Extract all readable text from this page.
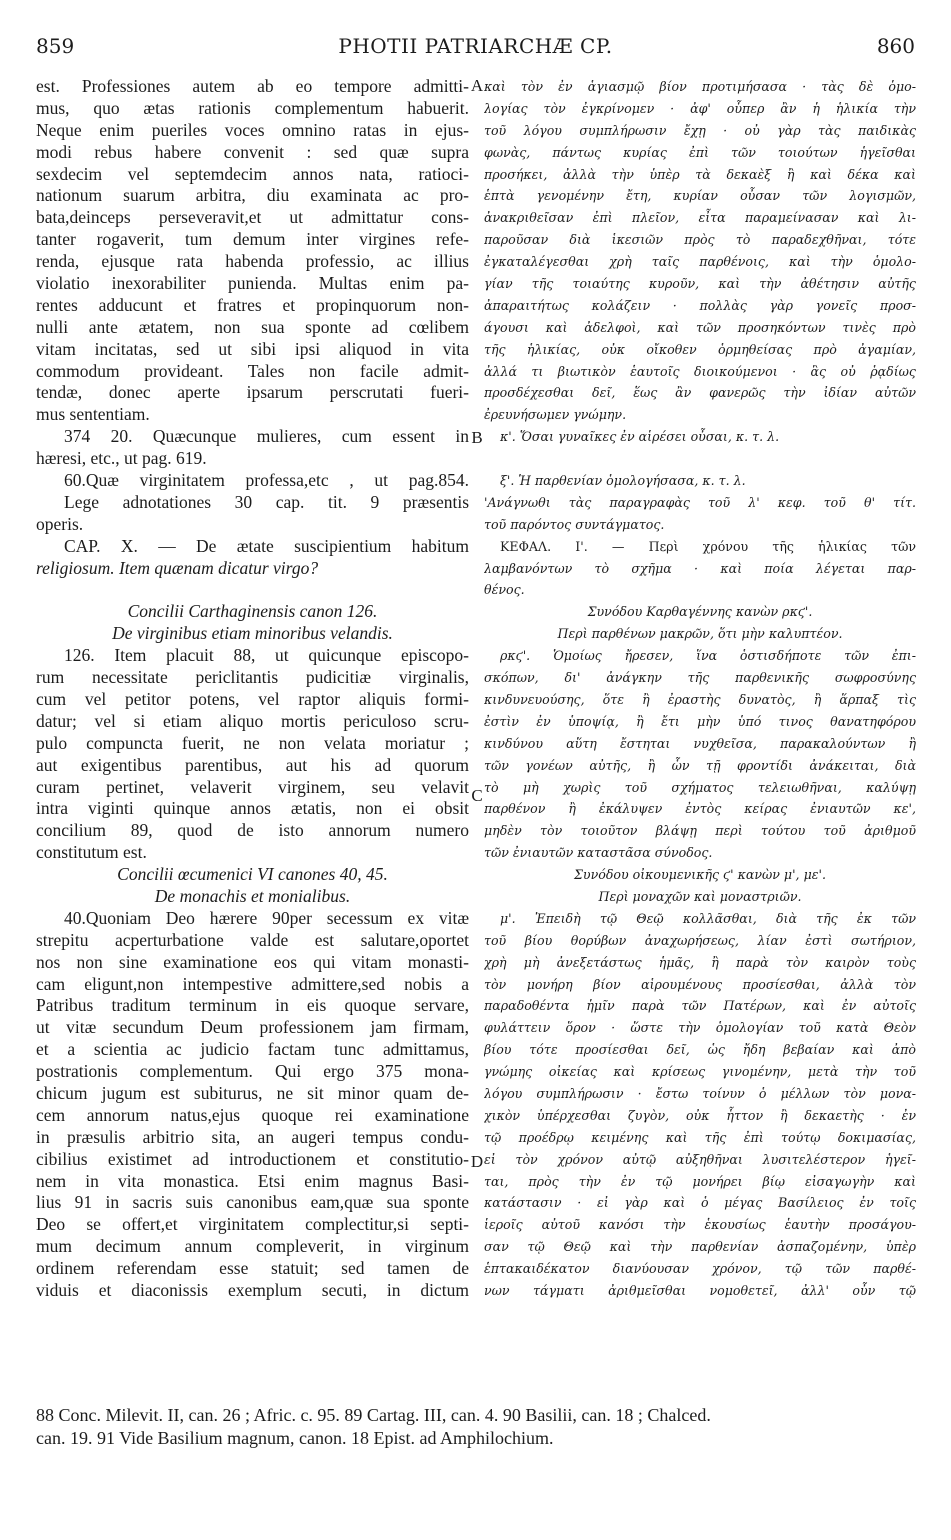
859	PHOTII PATRIARCHÆ CP.	860
A
B
C
D
est. Professiones autem ab eo tempore admitti-
mus, quo ætas rationis complementum habuerit.
Neque enim pueriles voces omnino ratas in ejus-
modi rebus habere convenit : sed quæ supra
sexdecim vel septemdecim annos nata, ratioci-
nationum suarum arbitra, diu examinata ac pro-
bata,deinceps perseveravit,et ut admittatur cons-
tanter rogaverit, tum demum inter virgines refe-
renda, ejusque rata habenda professio, ac illius
violatio inexorabiliter punienda. Multas enim pa-
rentes adducunt et fratres et propinquorum non-
nulli ante ætatem, non sua sponte ad cœlibem
vitam incitatas, sed ut sibi ipsi aliquod in vita
commodum provideant. Tales non facile admit-
tendæ, donec aperte ipsarum perscrutati fueri-
mus sententiam.
374 20. Quæcunque mulieres, cum essent in
hæresi, etc., ut pag. 619.
60.Quæ virginitatem professa,etc , ut pag.854.
Lege adnotationes 30 cap. tit. 9 præsentis
operis.
CAP. X. — De ætate suscipientium habitum
religiosum. Item quænam dicatur virgo?
Concilii Carthaginensis canon 126.
De virginibus etiam minoribus velandis.
126. Item placuit 88, ut quicunque episcopo-
rum necessitate periclitantis pudicitiæ virginalis,
cum vel petitor potens, vel raptor aliquis formi-
datur; vel si etiam aliquo mortis periculoso scru-
pulo compuncta fuerit, ne non velata moriatur ;
aut exigentibus parentibus, aut his ad quorum
curam pertinet, velaverit virginem, seu velavit
intra viginti quinque annos ætatis, non ei obsit
concilium 89, quod de isto annorum numero
constitutum est.
Concilii œcumenici VI canones 40, 45.
De monachis et monialibus.
40.Quoniam Deo hærere 90per secessum ex vitæ
strepitu acperturbatione valde est salutare,oportet
nos non sine examinatione eos qui vitam monasti-
cam eligunt,non intempestive admittere,sed nobis a
Patribus traditum terminum in eis quoque servare,
ut vitæ secundum Deum professionem jam firmam,
et a scientia ac judicio factam tunc admittamus,
postrationis complementum. Qui ergo 375 mona-
chicum jugum est subiturus, ne sit minor quam de-
cem annorum natus,ejus quoque rei examinatione
in præsulis arbitrio sita, an augeri tempus condu-
cibilius existimet ad introductionem et constitutio-
nem in vita monastica. Etsi enim magnus Basi-
lius 91 in sacris suis canonibus eam,quæ sua sponte
Deo se offert,et virginitatem complectitur,si septi-
mum decimum annum compleverit, in virginum
ordinem referendam esse statuit; sed tamen de
viduis et diaconissis exemplum secuti, in dictum
καὶ τὸν ἐν ἁγιασμῷ βίον προτιμήσασα · τὰς δὲ ὁμο-
λογίας τὸν ἐγκρίνομεν · ἀφ' οὗπερ ἂν ἡ ἡλικία τὴν
τοῦ λόγου συμπλήρωσιν ἔχῃ · οὐ γὰρ τὰς παιδικὰς
φωνὰς, πάντως κυρίας ἐπὶ τῶν τοιούτων ἡγεῖσθαι
προσήκει, ἀλλὰ τὴν ὑπὲρ τὰ δεκαὲξ ἢ καὶ δέκα καὶ
ἑπτὰ γενομένην ἔτη, κυρίαν οὖσαν τῶν λογισμῶν,
ἀνακριθεῖσαν ἐπὶ πλεῖον, εἶτα παραμείνασαν καὶ λι-
παροῦσαν διὰ ἱκεσιῶν πρὸς τὸ παραδεχθῆναι, τότε
ἐγκαταλέγεσθαι χρὴ ταῖς παρθένοις, καὶ τὴν ὁμολο-
γίαν τῆς τοιαύτης κυροῦν, καὶ τὴν ἀθέτησιν αὐτῆς
ἀπαραιτήτως κολάζειν · πολλὰς γὰρ γονεῖς προσ-
άγουσι καὶ ἀδελφοὶ, καὶ τῶν προσηκόντων τινὲς πρὸ
τῆς ἡλικίας, οὐκ οἴκοθεν ὁρμηθείσας πρὸ ἀγαμίαν,
ἀλλά τι βιωτικὸν ἑαυτοῖς διοικούμενοι · ἃς οὐ ῥᾳδίως
προσδέχεσθαι δεῖ, ἕως ἂν φανερῶς τὴν ἰδίαν αὐτῶν
ἐρευνήσωμεν γνώμην.
κ'. Ὅσαι γυναῖκες ἐν αἱρέσει οὖσαι, κ. τ. λ.
ξ'. Ἡ παρθενίαν ὁμολογήσασα, κ. τ. λ.
'Ανάγνωθι τὰς παραγραφὰς τοῦ λ' κεφ. τοῦ θ' τίτ.
τοῦ παρόντος συντάγματος.
ΚΕΦΑΛ. Ι'. — Περὶ χρόνου τῆς ἡλικίας τῶν
λαμβανόντων τὸ σχῆμα · καὶ ποία λέγεται παρ-
θένος.
Συνόδου Καρθαγέννης κανὼν ρκϛ'.
Περὶ παρθένων μακρῶν, ὅτι μὴν καλυπτέον.
ρκϛ'. Ὁμοίως ἤρεσεν, ἵνα ὁστισδήποτε τῶν ἐπι-
σκόπων, δι' ἀνάγκην τῆς παρθενικῆς σωφροσύνης
κινδυνευούσης, ὅτε ἢ ἐραστὴς δυνατὸς, ἢ ἅρπαξ τὶς
ἐστὶν ἐν ὑποψίᾳ, ἢ ἔτι μὴν ὑπό τινος θανατηφόρου
κινδύνου αὕτη ἔστηται νυχθεῖσα, παρακαλούντων ἢ
τῶν γονέων αὐτῆς, ἢ ὧν τῇ φροντίδι ἀνάκειται, διὰ
τὸ μὴ χωρὶς τοῦ σχήματος τελειωθῆναι, καλύψῃ
παρθένον ἢ ἐκάλυψεν ἐντὸς κείρας ἐνιαυτῶν κε',
μηδὲν τὸν τοιοῦτον βλάψῃ περὶ τούτου τοῦ ἀριθμοῦ
τῶν ἐνιαυτῶν καταστᾶσα σύνοδος.
Συνόδου οἰκουμενικῆς ϛ' κανὼν μ', με'.
Περὶ μοναχῶν καὶ μοναστριῶν.
μ'. Ἐπειδὴ τῷ Θεῷ κολλᾶσθαι, διὰ τῆς ἐκ τῶν
τοῦ βίου θορύβων ἀναχωρήσεως, λίαν ἐστὶ σωτήριον,
χρὴ μὴ ἀνεξετάστως ἡμᾶς, ἢ παρὰ τὸν καιρὸν τοὺς
τὸν μονήρη βίον αἱρουμένους προσίεσθαι, ἀλλὰ τὸν
παραδοθέντα ἡμῖν παρὰ τῶν Πατέρων, καὶ ἐν αὐτοῖς
φυλάττειν ὅρον · ὥστε τὴν ὁμολογίαν τοῦ κατὰ Θεὸν
βίου τότε προσίεσθαι δεῖ, ὡς ἤδη βεβαίαν καὶ ἀπὸ
γνώμης οἰκείας καὶ κρίσεως γινομένην, μετὰ τὴν τοῦ
λόγου συμπλήρωσιν · ἔστω τοίνυν ὁ μέλλων τὸν μονα-
χικὸν ὑπέρχεσθαι ζυγὸν, οὐκ ἧττον ἢ δεκαετὴς · ἐν
τῷ προέδρῳ κειμένης καὶ τῆς ἐπὶ τούτῳ δοκιμασίας,
εἰ τὸν χρόνον αὐτῷ αὐξηθῆναι λυσιτελέστερον ἡγεῖ-
ται, πρὸς τὴν ἐν τῷ μονήρει βίῳ εἰσαγωγὴν καὶ
κατάστασιν · εἰ γὰρ καὶ ὁ μέγας Βασίλειος ἐν τοῖς
ἱεροῖς αὐτοῦ κανόσι τὴν ἑκουσίως ἑαυτὴν προσάγου-
σαν τῷ Θεῷ καὶ τὴν παρθενίαν ἀσπαζομένην, ὑπὲρ
ἑπτακαιδέκατον διανύουσαν χρόνον, τῷ τῶν παρθέ-
νων τάγματι ἀριθμεῖσθαι νομοθετεῖ, ἀλλ' οὖν τῷ
88 Conc. Milevit. II, can. 26 ; Afric. c. 95. 89 Cartag. III, can. 4. 90 Basilii, can. 18 ; Chalced.
can. 19. 91 Vide Basilium magnum, canon. 18 Epist. ad Amphilochium.
